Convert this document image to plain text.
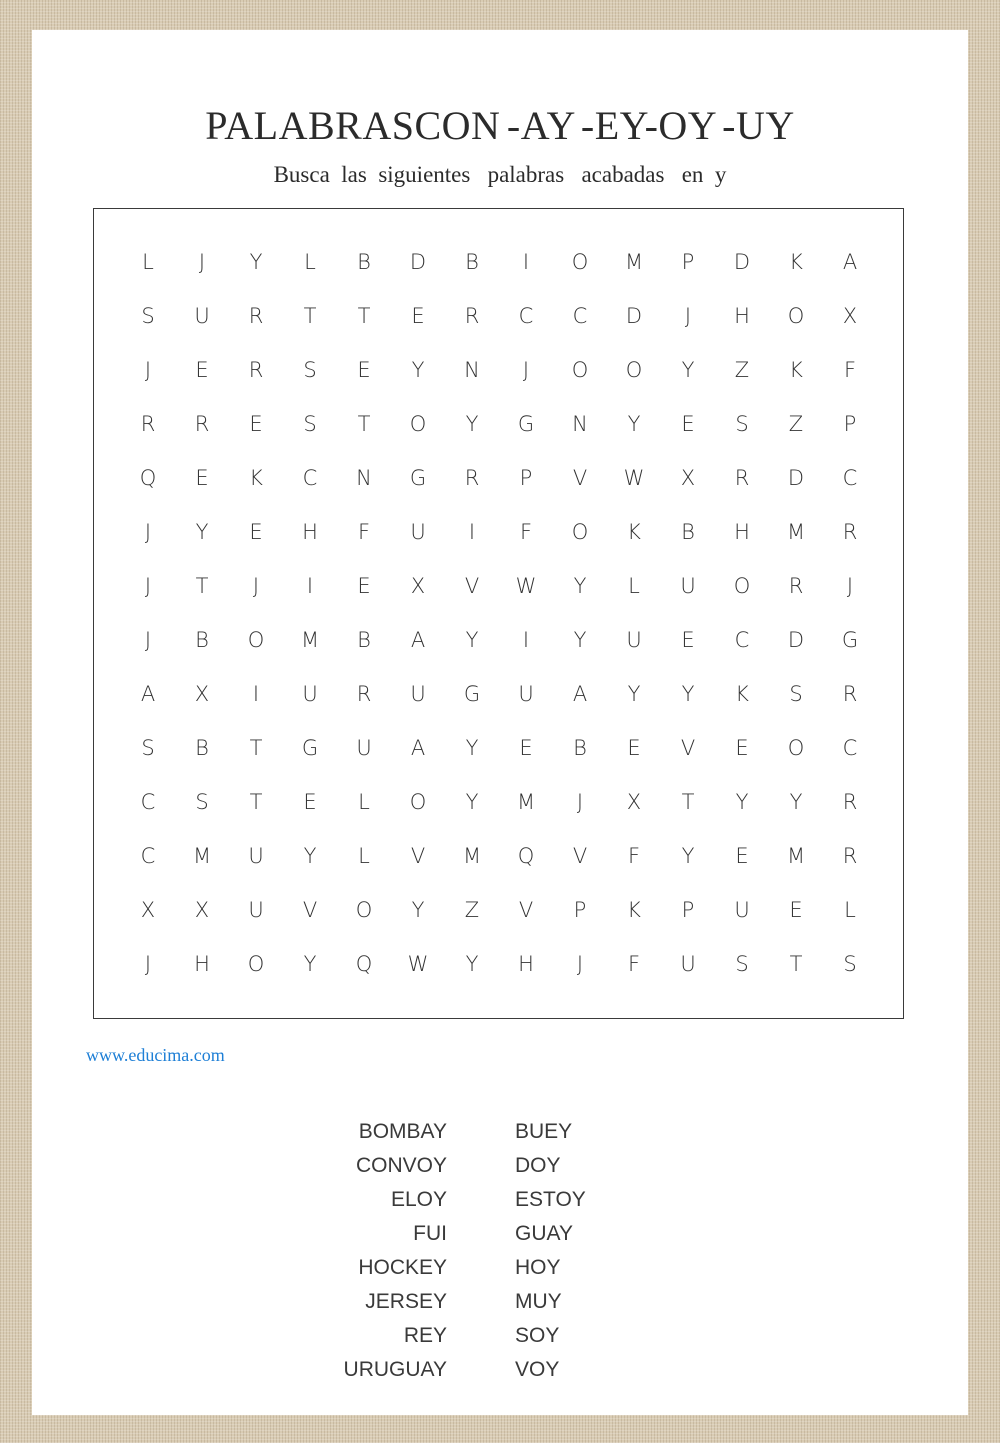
PALABRASCON -AY -EY-OY -UY
Busca  las  siguientes   palabras   acabadas   en  y
L	J	Y	L	B	D	B	I	O	M	P	D	K	A
S	U	R	T	T	E	R	C	C	D	J	H	O	X
J	E	R	S	E	Y	N	J	O	O	Y	Z	K	F
R	R	E	S	T	O	Y	G	N	Y	E	S	Z	P
Q	E	K	C	N	G	R	P	V	W	X	R	D	C
J	Y	E	H	F	U	I	F	O	K	B	H	M	R
J	T	J	I	E	X	V	W	Y	L	U	O	R	J
J	B	O	M	B	A	Y	I	Y	U	E	C	D	G
A	X	I	U	R	U	G	U	A	Y	Y	K	S	R
S	B	T	G	U	A	Y	E	B	E	V	E	O	C
C	S	T	E	L	O	Y	M	J	X	T	Y	Y	R
C	M	U	Y	L	V	M	Q	V	F	Y	E	M	R
X	X	U	V	O	Y	Z	V	P	K	P	U	E	L
J	H	O	Y	Q	W	Y	H	J	F	U	S	T	S
www.educima.com
BOMBAY
CONVOY
ELOY
FUI
HOCKEY
JERSEY
REY
URUGUAY
BUEY
DOY
ESTOY
GUAY
HOY
MUY
SOY
VOY
